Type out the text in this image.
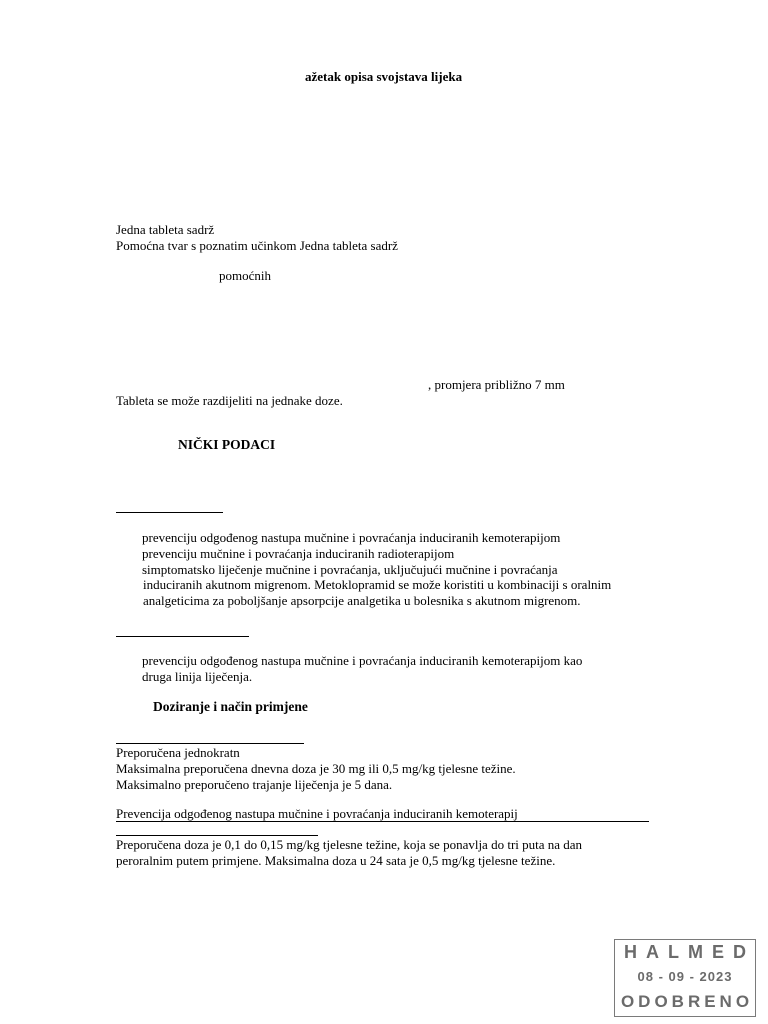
ažetak opisa svojstava lijeka
Jedna tableta sadrž
Pomoćna tvar s poznatim učinkom Jedna tableta sadrž
pomoćnih
, promjera približno 7 mm
Tableta se može razdijeliti na jednake doze.
NIČKI PODACI
prevenciju odgođenog nastupa mučnine i povraćanja induciranih kemoterapijom
prevenciju mučnine i povraćanja induciranih radioterapijom
simptomatsko liječenje mučnine i povraćanja, uključujući mučnine i povraćanja
induciranih akutnom migrenom. Metoklopramid se može koristiti u kombinaciji s oralnim
analgeticima za poboljšanje apsorpcije analgetika u bolesnika s akutnom migrenom.
prevenciju odgođenog nastupa mučnine i povraćanja induciranih kemoterapijom kao
druga linija liječenja.
Doziranje i način primjene
Preporučena jednokratn
Maksimalna preporučena dnevna doza je 30 mg ili 0,5 mg/kg tjelesne težine.
Maksimalno preporučeno trajanje liječenja je 5 dana.
Prevencija odgođenog nastupa mučnine i povraćanja induciranih kemoterapij
Preporučena doza je 0,1 do 0,15 mg/kg tjelesne težine, koja se ponavlja do tri puta na dan
peroralnim putem primjene. Maksimalna doza u 24 sata je 0,5 mg/kg tjelesne težine.
HALMED
08 - 09 - 2023
ODOBRENO
